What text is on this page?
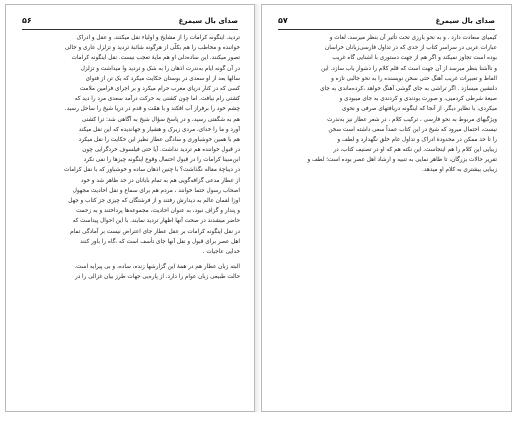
صدای بال سیمرغ
۵۶
تردید. اینگونه کرامات را از مشایخ و اولیاء نقل میکنند. و عقل و ادراک
خواننده و مخاطب را هم بکلّی از هرگونه شائبهٔ تردید و تزلزل عاری و خالی
تصور میکنند. این ساده‌دلی او هم مایهٔ تعجب نیست. نقل اینگونه کرامات
در آن گونه ایام به‌ندرت اذهان را به شک و تردید وا میداشت و تزلزل
سالها بعد از او سعدی در بوستان حکایت میکرد که یک تن از فتوای
کسی که در کنار دریای مغرب حرام میکرد و بر اجرای فرامین ملامت
کشتی رام نیافت. اما چون کشتی به حرکت درآمد سعدی مرد را دید که
چشم خود را برفراز آب افکند و با همّت و قدم در دریا شیخ را ساحل رسید.
هم به شگفتی رسید، و در پاسخ سؤال شیخ به آگاهی شد: ترا کشتی
آورد و ما را خدای، مردی زیرک و هشیار و جهاندیده که این نقل میکند
هم با همین خوشباوری و سادگی عطار نظیر این حکایت را نقل میکرد
در قبول خواننده هم تردید نداشت. آیا حتی فیلسوف خردگرایی چون
ابن‌سینا کرامات را در قبول احتمال وقوع اینگونه چیزها را نفی نکرد
در دیباچهٔ مقاله نگذاشت؟ با چنین اذهان ساده و خوشباور که با نقل کرامات
از عطار مدعی گزافه‌گویی هم به تمام بابانان در حد ظاهر شد و خود
اصحاب رسول حتما خوانند ، مردم هم برای سماع و نقل احادیث مجهول
اوزا لقمان عالم به دیدارش رفتند و از فرشتگان که چیزی جز کتاب و جهل
و پندار و گزاف نبود، به عنوان احادیث، مجموعه‌ها پرداختند و به زحمت
حاضر میشدند در صحت آنها اظهار تردید نمایند. با این احوال پیداست که
در نقل اینگونه کرامات بر عقل عطار جای اعتراض نیست بر آمادگی تمام
اهل عصر برای قبول و نقل آنها جای تأسف است که ،گاه را باور کنند
خدایی عاجیات .
البته زبان عطار هم در همهٔ این گزارشها زنده، ساده، و بی پیرایه است.
حالت طبیعی زبان عوام را دارد. از پاره‌یی جهات طرز بیان غزالی را در
صدای بال سیمرغ
۵۷
کیمیای سعادت دارد . و به نحو بارزی تحت تأثیر آن بنظر میرسد. لغات و
عبارات عربی در سراسر کتاب از حدی که در تداول فارسی‌زبانان خراسان
بوده است تجاوز نمیکند و اگر هم از جهت دستوری با اشنایی گاه غریب
و ناآشنا بنظر میرسد از آن جهت است که قلم کلام را دشوار باب سازد. این
الفاظ و تعبیرات غریب آهنگ حتی سخن نویسنده را به نحو جالبی تازه و
دلنشین میسازد . اگر تراشی به جای گوشی آهنگ خواهد ،کرده‌ماندی به جای
صیغهٔ شرطی کردمیی، و صورت بودندی و کردندی به جای میبودی و
میکردی، با نظایر دیگر. از آنجا که اینگونه دریافتهای صرفی و نحوی
ویژگیهای مربوط به نحو فارسی ، ترکیب کلام ، در شعر عطار نیز به‌ندرت
نیست، احتمال میرود که شیخ در این کتاب عمداً سعی داشته است سخن
را تا حد ممکن در محدودهٔ ادراک و تداول عام خلق نگهدارد و لطف و
زیبایی این کلام را هم اینجاست. این نکته هم که او در تصنیف کتاب، در
تقریر حالات بزرگان، تا ظاهر نمایی به تنبیه و ارشاد اهل عصر بوده است؛ لطف و
زیبایی بیشتری به کلام او میدهد.
